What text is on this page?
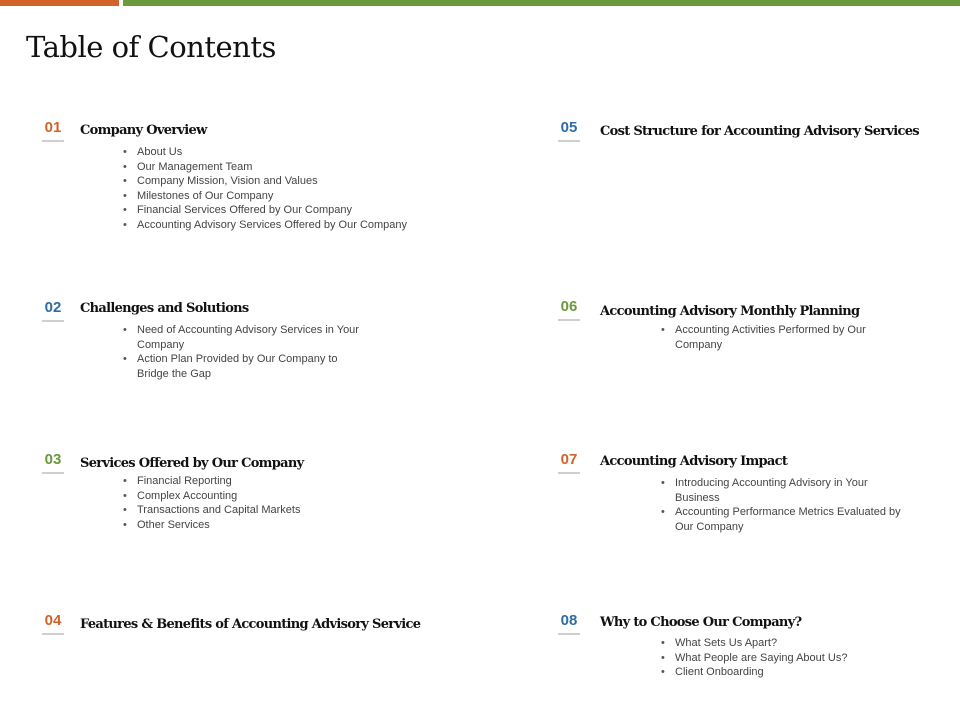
Table of Contents
01 Company Overview
• About Us
• Our Management Team
• Company Mission, Vision and Values
• Milestones of Our Company
• Financial Services Offered by Our Company
• Accounting Advisory Services Offered by Our Company
02 Challenges and Solutions
• Need of Accounting Advisory Services in Your Company
• Action Plan Provided by Our Company to Bridge the Gap
03 Services Offered by Our Company
• Financial Reporting
• Complex Accounting
• Transactions and Capital Markets
• Other Services
04 Features & Benefits of Accounting Advisory Service
05 Cost Structure for Accounting Advisory Services
06 Accounting Advisory Monthly Planning
• Accounting Activities Performed by Our Company
07 Accounting Advisory Impact
• Introducing Accounting Advisory in Your Business
• Accounting Performance Metrics Evaluated by Our Company
08 Why to Choose Our Company?
• What Sets Us Apart?
• What People are Saying About Us?
• Client Onboarding
